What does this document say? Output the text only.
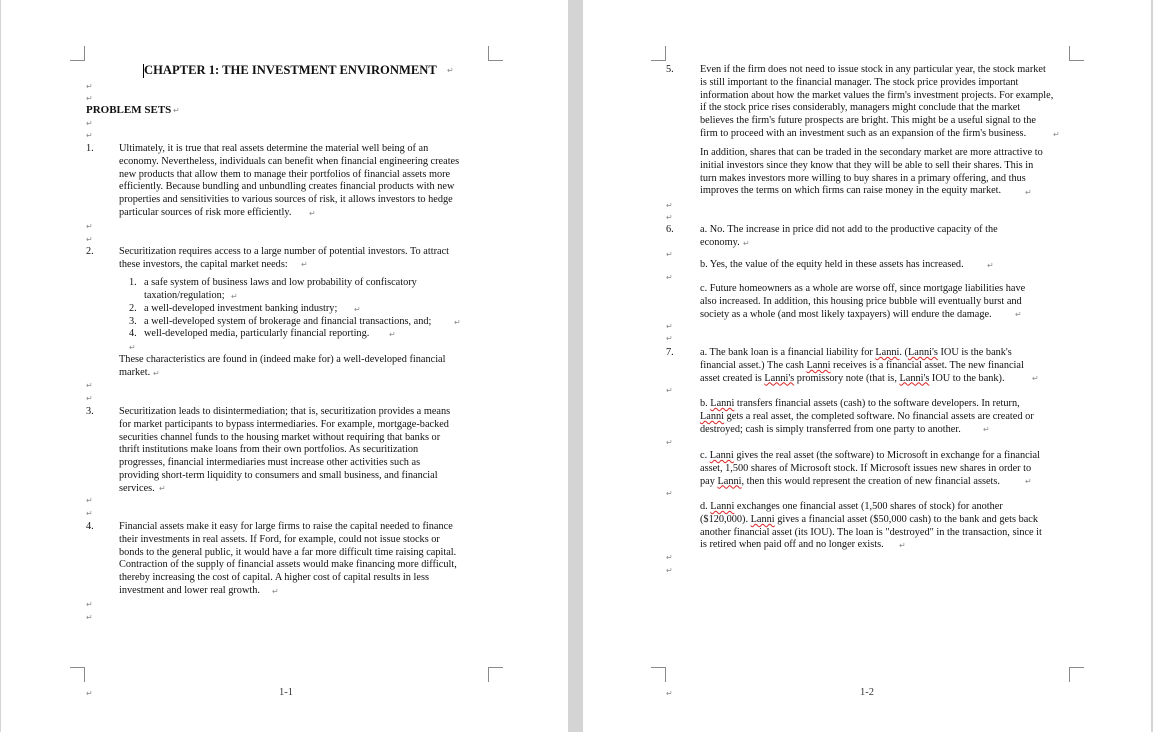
CHAPTER 1: THE INVESTMENT ENVIRONMENT ↵
↵
↵
PROBLEM SETS ↵
↵
↵
1. Ultimately, it is true that real assets determine the material well being of an
economy. Nevertheless, individuals can benefit when financial engineering creates
new products that allow them to manage their portfolios of financial assets more
efficiently. Because bundling and unbundling creates financial products with new
properties and sensitivities to various sources of risk, it allows investors to hedge
particular sources of risk more efficiently.	↵
↵
↵
2. Securitization requires access to a large number of potential investors. To attract
these investors, the capital market needs:	↵
1. a safe system of business laws and low probability of confiscatory
taxation/regulation; ↵
2. a well-developed investment banking industry; ↵
3. a well-developed system of brokerage and financial transactions, and;	↵
4. well-developed media, particularly financial reporting. ↵
↵
These characteristics are found in (indeed make for) a well-developed financial
market. ↵
↵
↵
3. Securitization leads to disintermediation; that is, securitization provides a means
for market participants to bypass intermediaries. For example, mortgage-backed
securities channel funds to the housing market without requiring that banks or
thrift institutions make loans from their own portfolios. As securitization
progresses, financial intermediaries must increase other activities such as
providing short-term liquidity to consumers and small business, and financial
services. ↵
↵
↵
4. Financial assets make it easy for large firms to raise the capital needed to finance
their investments in real assets. If Ford, for example, could not issue stocks or
bonds to the general public, it would have a far more difficult time raising capital.
Contraction of the supply of financial assets would make financing more difficult,
thereby increasing the cost of capital. A higher cost of capital results in less
investment and lower real growth.	↵
↵
↵
↵	1-1
5.	Even if the firm does not need to issue stock in any particular year, the stock market
is still important to the financial manager. The stock price provides important
information about how the market values the firm's investment projects. For example,
if the stock price rises considerably, managers might conclude that the market
believes the firm's future prospects are bright. This might be a useful signal to the
firm to proceed with an investment such as an expansion of the firm's business.	↵
In addition, shares that can be traded in the secondary market are more attractive to
initial investors since they know that they will be able to sell their shares. This in
turn makes investors more willing to buy shares in a primary offering, and thus
improves the terms on which firms can raise money in the equity market.	↵
↵
↵
6.	a. No. The increase in price did not add to the productive capacity of the
economy. ↵
↵
b. Yes, the value of the equity held in these assets has increased.	↵
↵
c. Future homeowners as a whole are worse off, since mortgage liabilities have
also increased. In addition, this housing price bubble will eventually burst and
society as a whole (and most likely taxpayers) will endure the damage.	↵
↵
↵
7.	a. The bank loan is a financial liability for Lanni. (Lanni's IOU is the bank's
financial asset.) The cash Lanni receives is a financial asset. The new financial
asset created is Lanni's promissory note (that is, Lanni's IOU to the bank).	↵
↵
b. Lanni transfers financial assets (cash) to the software developers. In return,
Lanni gets a real asset, the completed software. No financial assets are created or
destroyed; cash is simply transferred from one party to another.	↵
↵
c. Lanni gives the real asset (the software) to Microsoft in exchange for a financial
asset, 1,500 shares of Microsoft stock. If Microsoft issues new shares in order to
pay Lanni, then this would represent the creation of new financial assets.	↵
↵
d. Lanni exchanges one financial asset (1,500 shares of stock) for another
($120,000). Lanni gives a financial asset ($50,000 cash) to the bank and gets back
another financial asset (its IOU). The loan is "destroyed" in the transaction, since it
is retired when paid off and no longer exists.	↵
↵
↵
↵	1-2
